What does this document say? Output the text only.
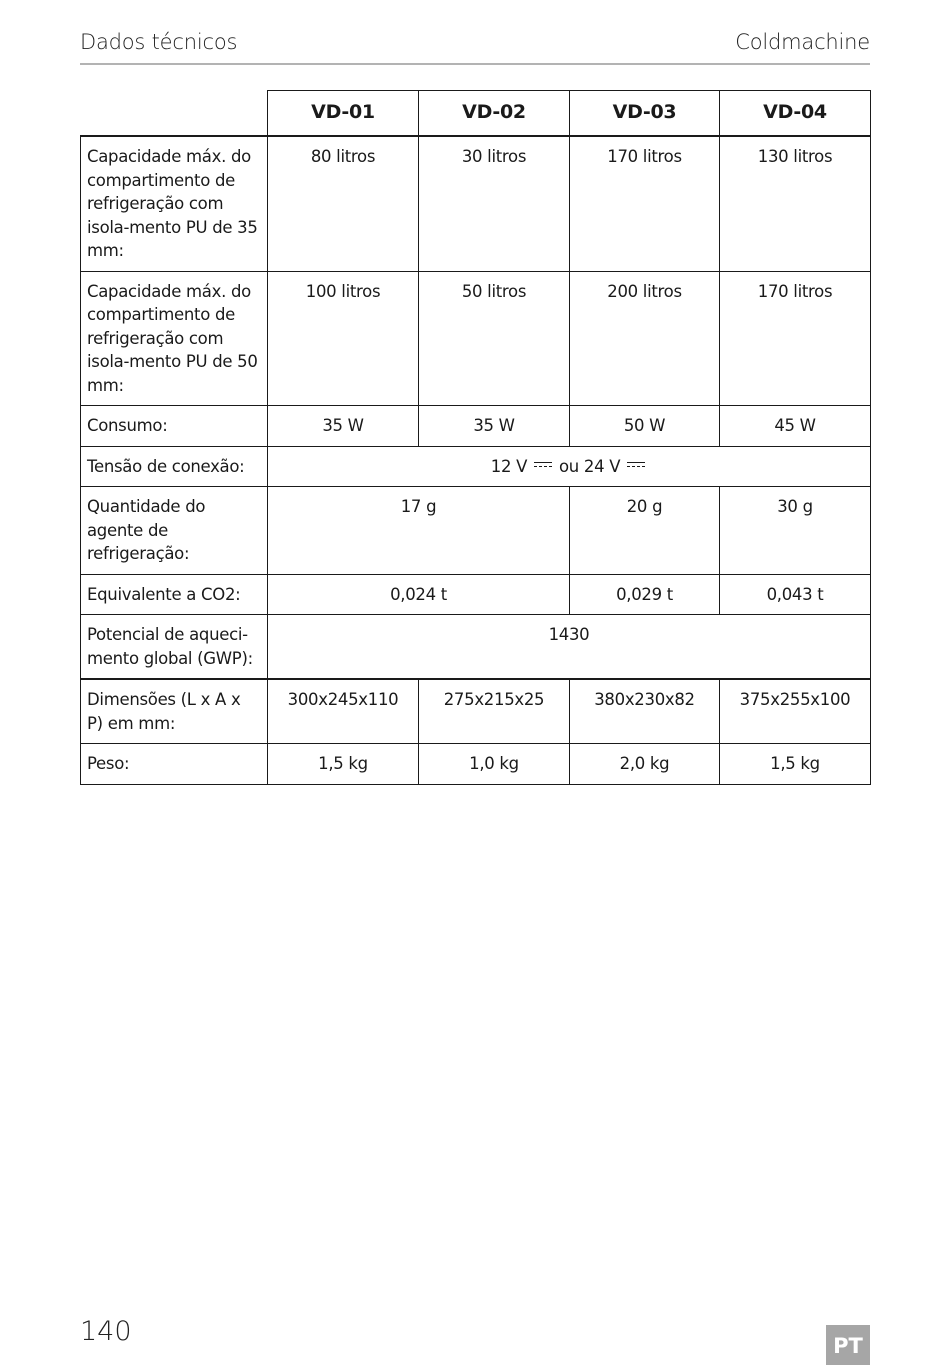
Dados técnicos	Coldmachine
	VD-01	VD-02	VD-03	VD-04
Capacidade máx. do compartimento de refrigeração com isola-mento PU de 35 mm:	80 litros	30 litros	170 litros	130 litros
Capacidade máx. do compartimento de refrigeração com isola-mento PU de 50 mm:	100 litros	50 litros	200 litros	170 litros
Consumo:	35 W	35 W	50 W	45 W
Tensão de conexão:	12 V ou 24 V			
Quantidade do agente de refrigeração:	17 g		20 g	30 g
Equivalente a CO2:	0,024 t		0,029 t	0,043 t
Potencial de aqueci-mento global (GWP):	1430			
Dimensões (L x A x P) em mm:	300x245x110	275x215x25	380x230x82	375x255x100
Peso:	1,5 kg	1,0 kg	2,0 kg	1,5 kg
140	PT
